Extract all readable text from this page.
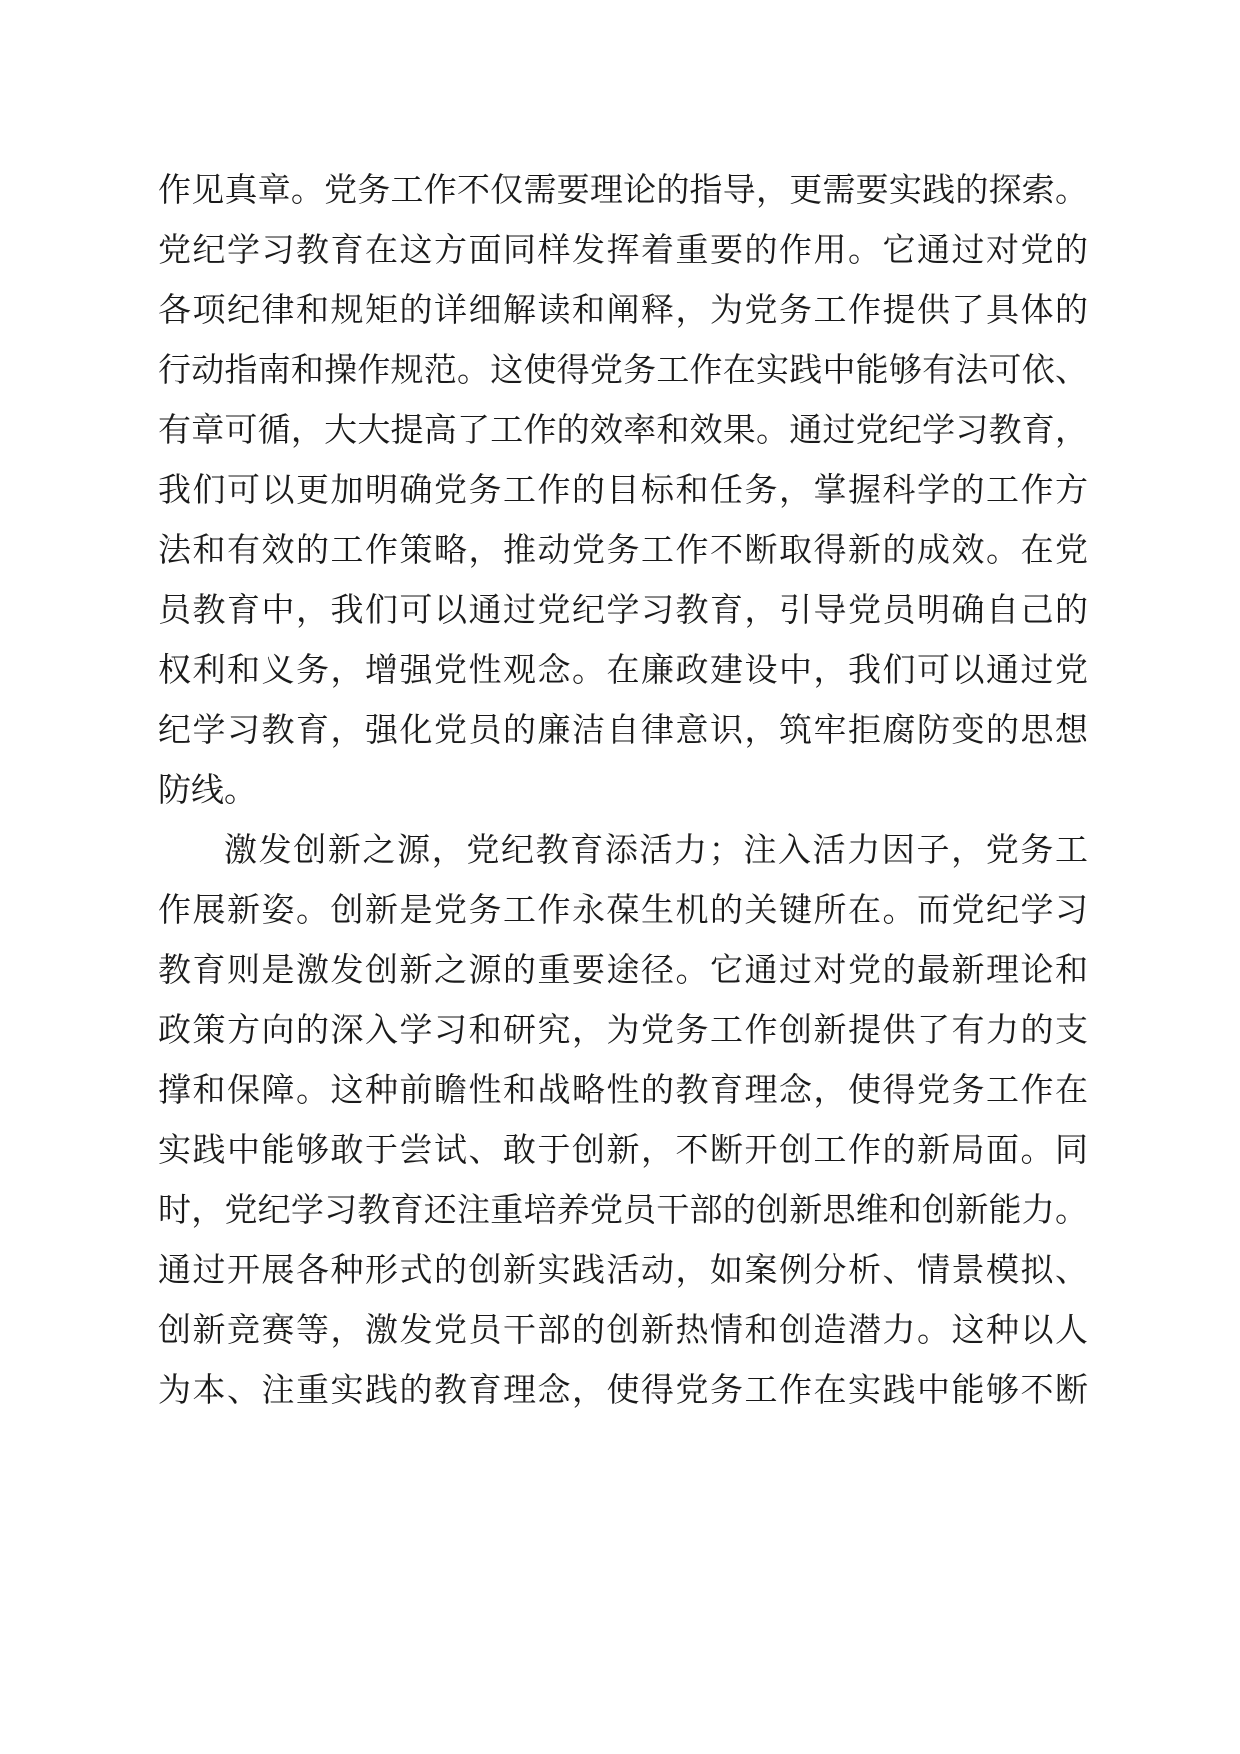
作见真章。党务工作不仅需要理论的指导，更需要实践的探索。
党纪学习教育在这方面同样发挥着重要的作用。它通过对党的
各项纪律和规矩的详细解读和阐释，为党务工作提供了具体的
行动指南和操作规范。这使得党务工作在实践中能够有法可依、
有章可循，大大提高了工作的效率和效果。通过党纪学习教育，
我们可以更加明确党务工作的目标和任务，掌握科学的工作方
法和有效的工作策略，推动党务工作不断取得新的成效。在党
员教育中，我们可以通过党纪学习教育，引导党员明确自己的
权利和义务，增强党性观念。在廉政建设中，我们可以通过党
纪学习教育，强化党员的廉洁自律意识，筑牢拒腐防变的思想
防线。
激发创新之源，党纪教育添活力；注入活力因子，党务工
作展新姿。创新是党务工作永葆生机的关键所在。而党纪学习
教育则是激发创新之源的重要途径。它通过对党的最新理论和
政策方向的深入学习和研究，为党务工作创新提供了有力的支
撑和保障。这种前瞻性和战略性的教育理念，使得党务工作在
实践中能够敢于尝试、敢于创新，不断开创工作的新局面。同
时，党纪学习教育还注重培养党员干部的创新思维和创新能力。
通过开展各种形式的创新实践活动，如案例分析、情景模拟、
创新竞赛等，激发党员干部的创新热情和创造潜力。这种以人
为本、注重实践的教育理念，使得党务工作在实践中能够不断
